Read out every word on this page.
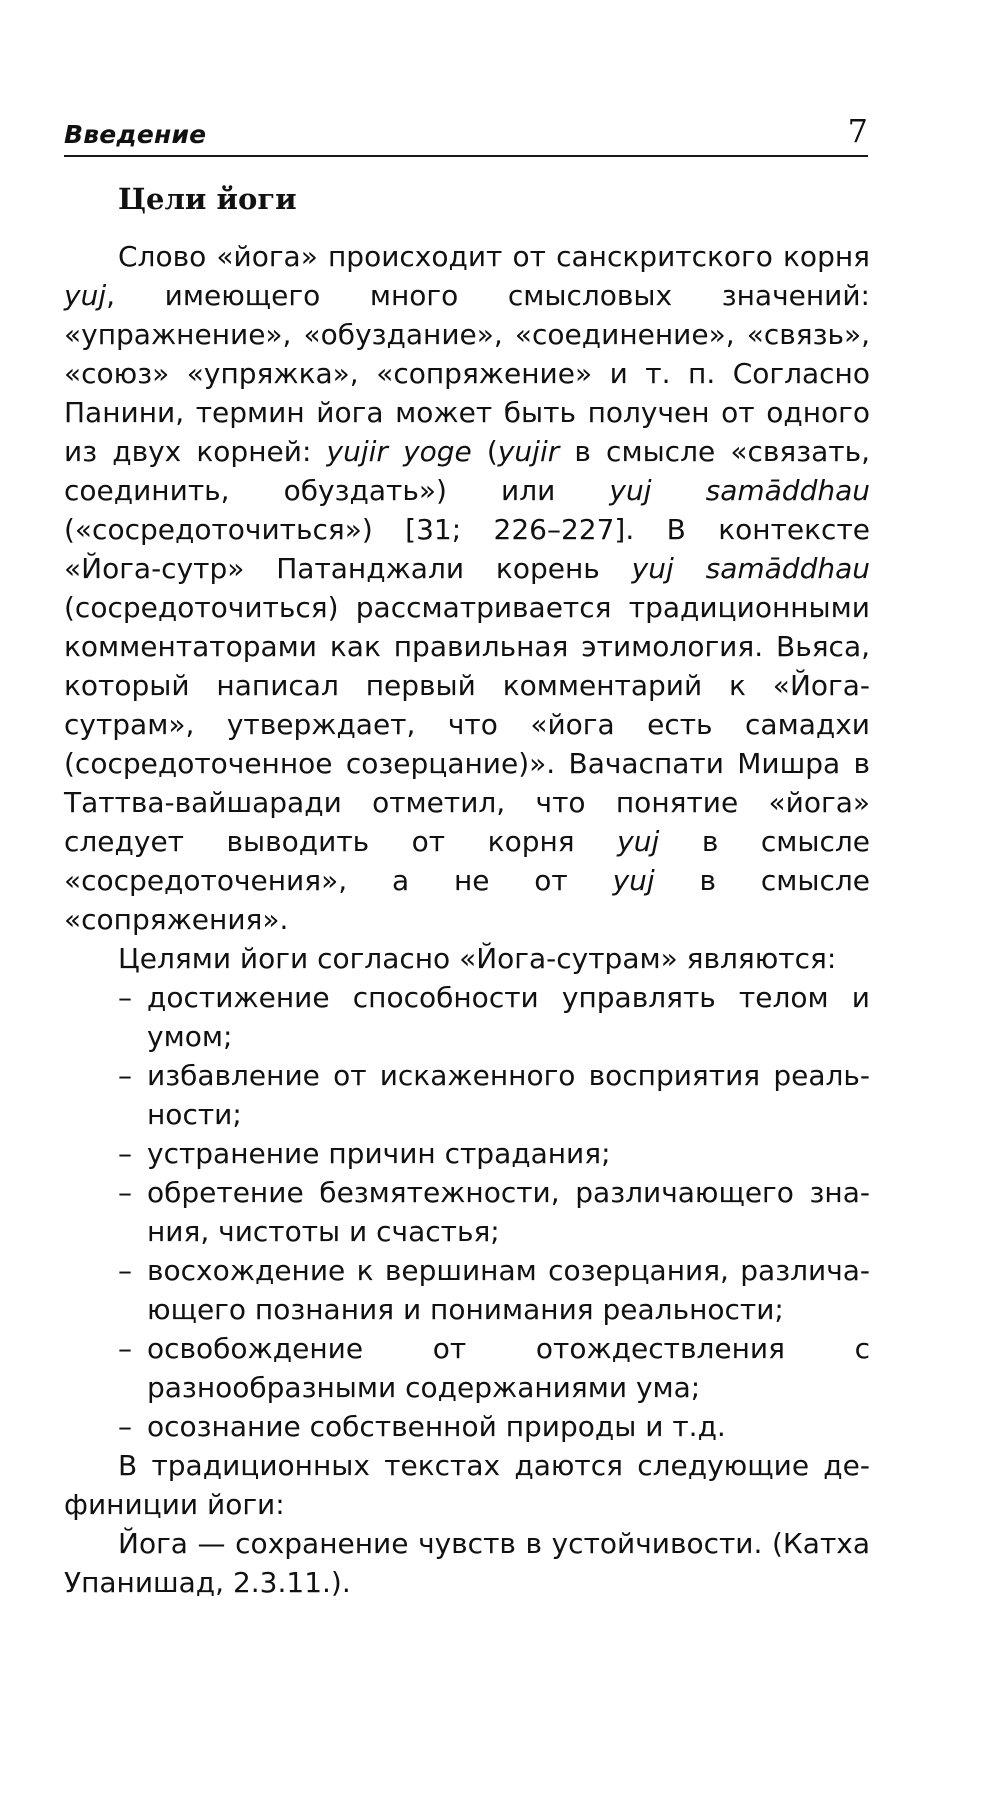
Введение	7
Цели йоги

Слово «йога» происходит от санскритского корня yuj, имеющего много смысловых значений: «упражнение», «обуздание», «соединение», «связь», «союз» «упряжка», «сопряжение» и т. п. Согласно Панини, термин йога может быть получен от одного из двух корней: yujir yoge (yujir в смысле «связать, соединить, обуздать») или yuj samāddhau («сосредоточиться») [31; 226–227]. В контексте «Йога-сутр» Патанджали корень yuj samāddhau (сосредоточиться) рассматривается традиционными комментаторами как правильная этимология. Вьяса, который написал первый комментарий к «Йога-сутрам», утверждает, что «йога есть самадхи (сосредоточенное созерцание)». Вачаспати Мишра в Таттва-вайшаради отметил, что понятие «йога» следует выводить от корня yuj в смысле «сосредоточения», а не от yuj в смысле «сопряжения».

Целями йоги согласно «Йога-сутрам» являются:

– достижение способности управлять телом и умом;
– избавление от искаженного восприятия реальности;
– устранение причин страдания;
– обретение безмятежности, различающего знания, чистоты и счастья;
– восхождение к вершинам созерцания, различающего познания и понимания реальности;
– освобождение от отождествления с разнообразными содержаниями ума;
– осознание собственной природы и т.д.

В традиционных текстах даются следующие дефиниции йоги:

Йога — сохранение чувств в устойчивости. (Катха Упанишад, 2.3.11.).
